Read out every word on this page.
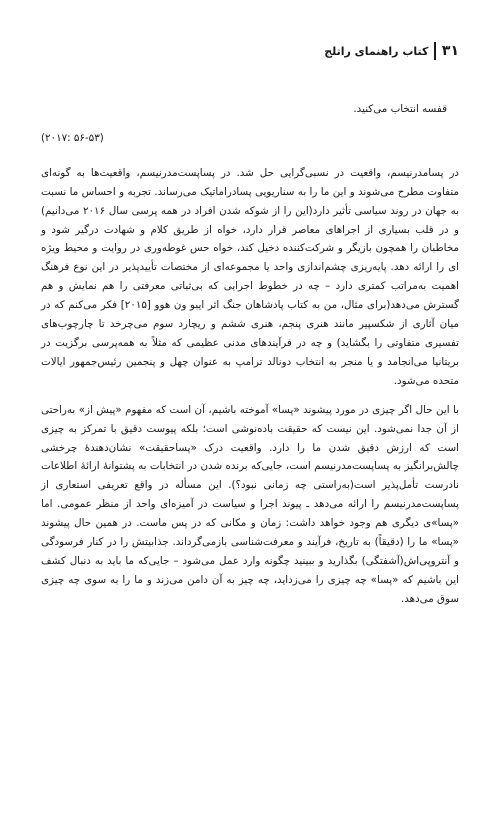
۳۱
کتاب راهنمای راتلج

قفسه انتخاب می‌کنید.

(۲۰۱۷: ۵۶-۵۳)

در پسامدرنیسم، واقعیت در نسبی‌گرایی حل شد. در پساپست‌مدرنیسم، واقعیت‌ها به گونه‌ای متفاوت مطرح می‌شوند و این ما را به سناریویی پسادراماتیک می‌رساند. تجربه و احساس ما نسبت به جهان در روند سیاسی تأثیر دارد(این را از شوکه شدن افراد در همه پرسی سال ۲۰۱۶ می‌دانیم) و در قلب بسیاری از اجراهای معاصر قرار دارد، خواه از طریق کلام و شهادت درگیر شود و مخاطبان را همچون بازیگر و شرکت‌کننده دخیل کند، خواه حس غوطه‌وری در روایت و محیط ویژه ای را ارائه دهد. پایه‌ریزی چشم‌اندازی واحد یا مجموعه‌ای از مختصات تأییدپذیر در این نوع فرهنگ اهمیت به‌مراتب کمتری دارد – چه در خطوط اجرایی که بی‌ثباتی معرفتی را هم نمایش و هم گسترش می‌دهد(برای مثال، من به کتاب پادشاهان جنگ اثر ایبو ون هوو [۲۰۱۵] فکر می‌کنم که در میان آثاری از شکسپیر مانند هنری پنجم، هنری ششم و ریچارد سوم می‌چرخد تا چارچوب‌های تفسیری متفاوتی را بگشاید) و چه در فرآیندهای مدنی عظیمی که مثلاً به همه‌پرسی برگزیت در بریتانیا می‌انجامد و یا منجر به انتخاب دونالد ترامپ به عنوان چهل و پنجمین رئیس‌جمهور ایالات متحده می‌شود.

با این حال اگر چیزی در مورد پیشوند «پسا» آموخته باشیم، آن است که مفهوم «پیش از» به‌راحتی از آن جدا نمی‌شود. این نیست که حقیقت بادەنوشی است؛ بلکه پیوست دقیق با تمرکز به چیزی است که ارزش دقیق شدن ما را دارد. واقعیت درک «پساحقیقت» نشان‌دهندهٔ چرخشی چالش‌برانگیز به پساپست‌مدرنیسم است، جایی‌که برنده شدن در انتخابات به پشتوانهٔ ارائهٔ اطلاعات نادرست تأمل‌پذیر است(به‌راستی چه زمانی نبود؟). این مسأله در واقع تعریفی استعاری از پساپست‌مدرنیسم را ارائه می‌دهد ـ پیوند اجرا و سیاست در آمیزه‌ای واحد از منظر عمومی. اما «پسا»ی دیگری هم وجود خواهد داشت: زمان و مکانی که در پس ماست. در همین حال پیشوند «پسا» ما را (دقیقاً) به تاریخ، فرآیند و معرفت‌شناسی بازمی‌گرداند. جذابیتش را در کنار فرسودگی و آنتروپی‌اش(آشفتگی) بگذارید و ببینید چگونه وارد عمل می‌شود – جایی‌که ما باید به دنبال کشف این باشیم که «پسا» چه چیزی را می‌زداید، چه چیز به آن دامن می‌زند و ما را به سوی چه چیزی سوق می‌دهد.
